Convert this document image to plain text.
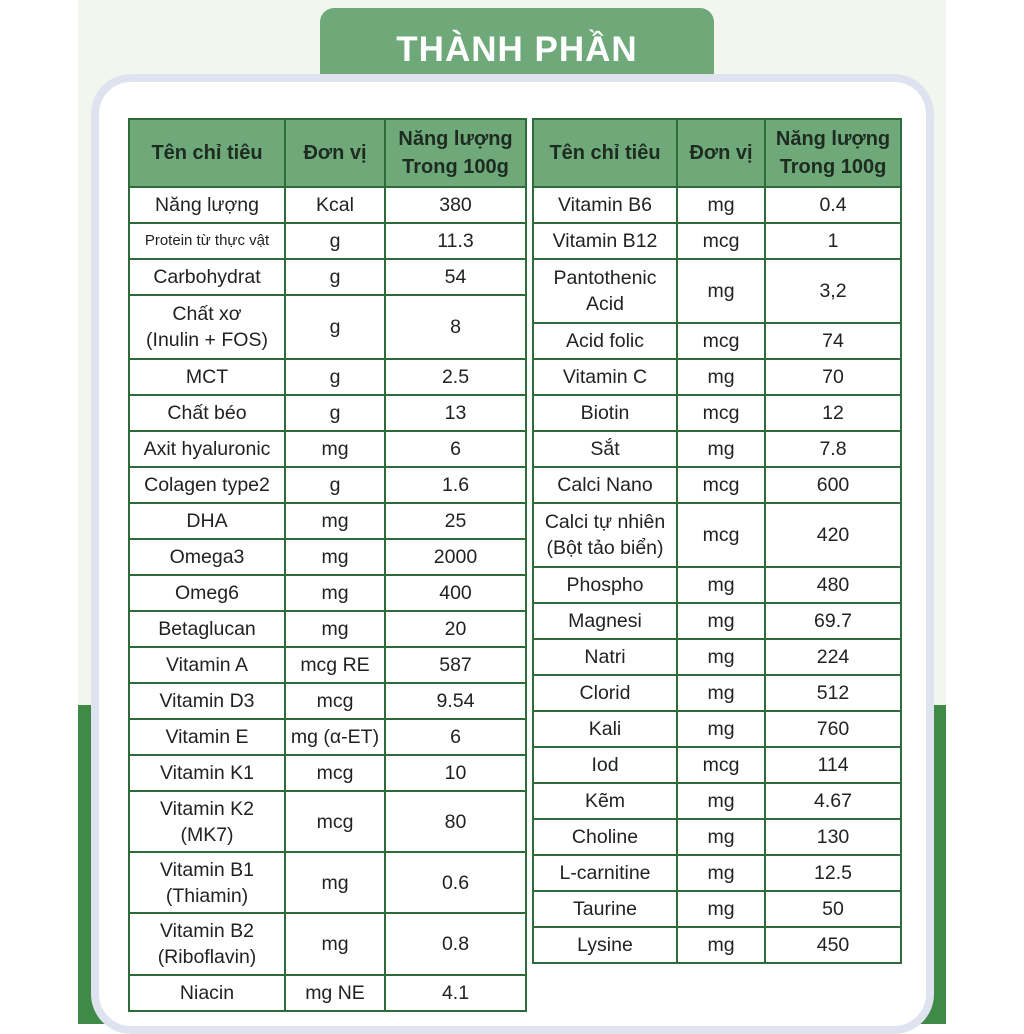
THÀNH PHẦN
Tên chỉ tiêu	Đơn vị	Năng lượng
Trong 100g

Năng lượng	Kcal	380

Protein từ thực vật	g	11.3

Carbohydrat	g	54

Chất xơ
(Inulin + FOS)	g	8

MCT	g	2.5

Chất béo	g	13

Axit hyaluronic	mg	6

Colagen type2	g	1.6

DHA	mg	25

Omega3	mg	2000

Omeg6	mg	400

Betaglucan	mg	20

Vitamin A	mcg RE	587

Vitamin D3	mcg	9.54

Vitamin E	mg (α-ET)	6

Vitamin K1	mcg	10

Vitamin K2
(MK7)	mcg	80

Vitamin B1
(Thiamin)	mg	0.6

Vitamin B2
(Riboflavin)	mg	0.8

Niacin	mg NE	4.1
Tên chỉ tiêu	Đơn vị	Năng lượng
Trong 100g

Vitamin B6	mg	0.4

Vitamin B12	mcg	1

Pantothenic
Acid	mg	3,2

Acid folic	mcg	74

Vitamin C	mg	70

Biotin	mcg	12

Sắt	mg	7.8

Calci Nano	mcg	600

Calci tự nhiên
(Bột tảo biển)	mcg	420

Phospho	mg	480

Magnesi	mg	69.7

Natri	mg	224

Clorid	mg	512

Kali	mg	760

Iod	mcg	114

Kẽm	mg	4.67

Choline	mg	130

L-carnitine	mg	12.5

Taurine	mg	50

Lysine	mg	450
